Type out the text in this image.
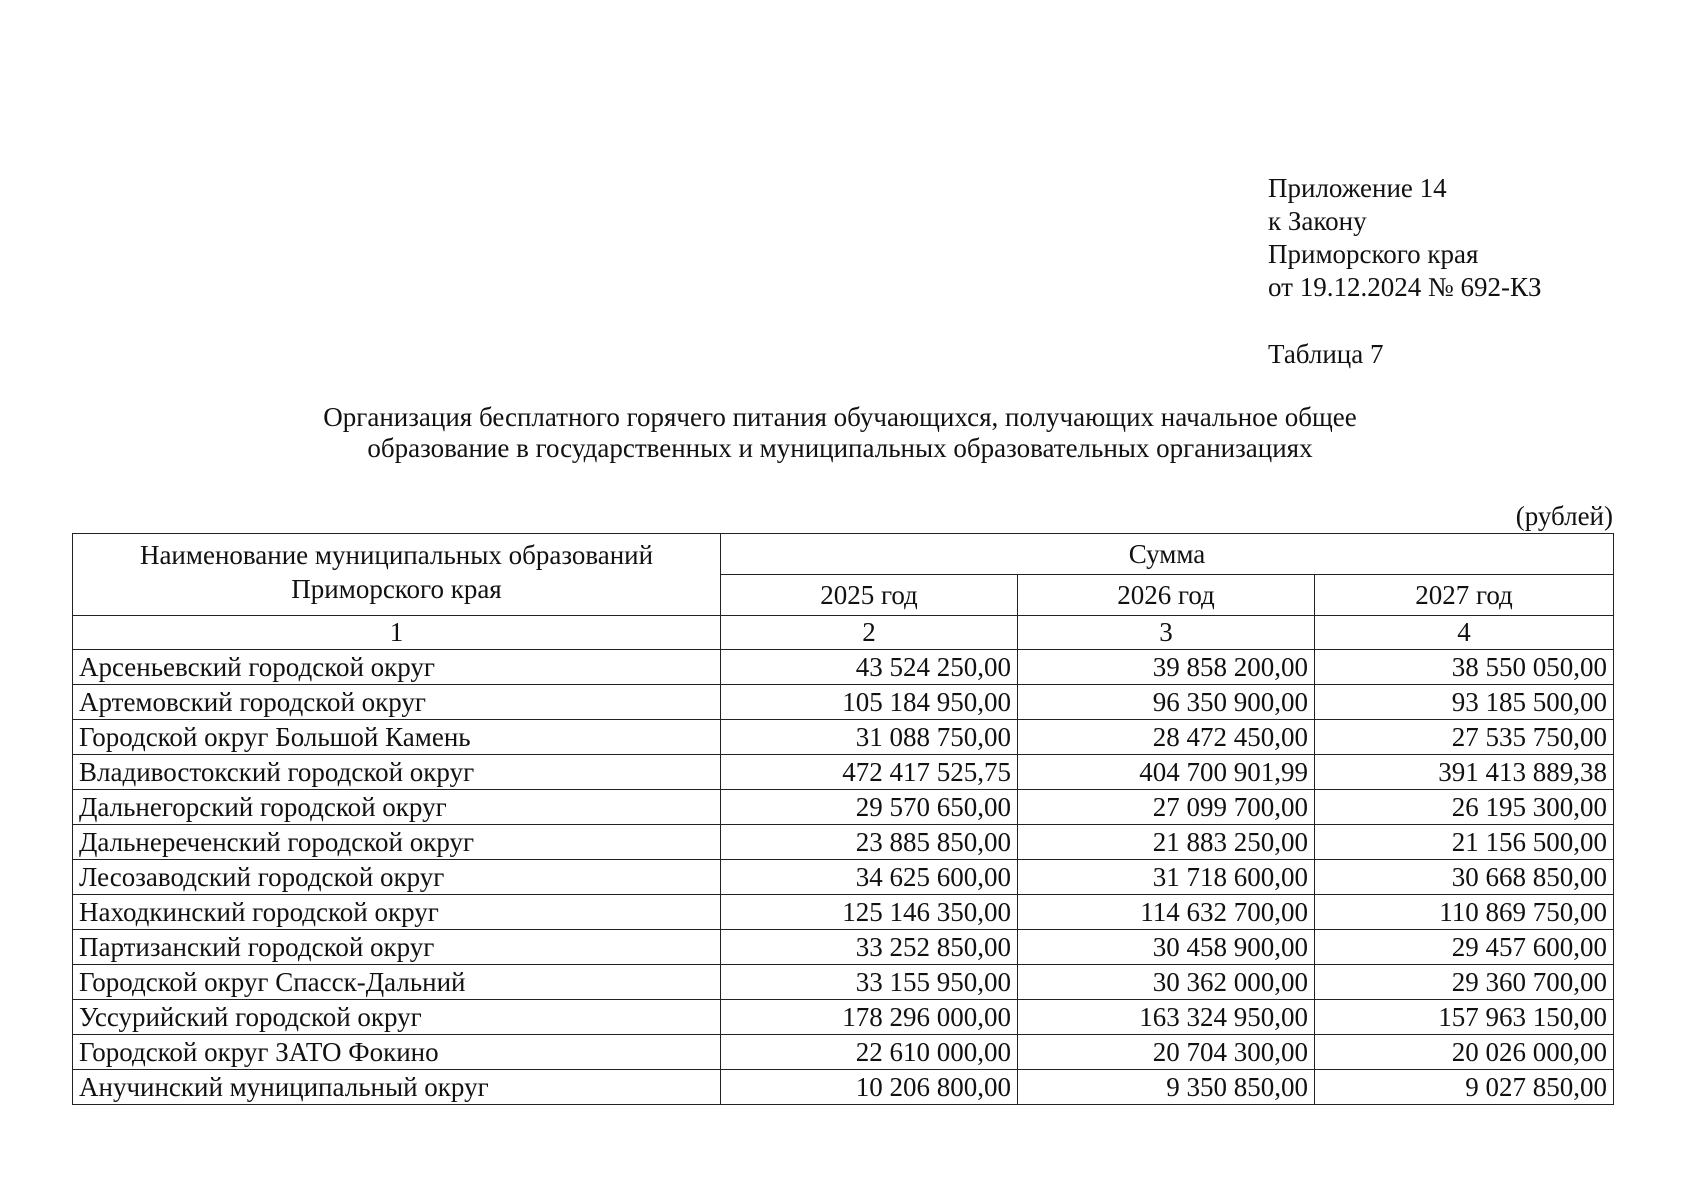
Приложение 14
к Закону
Приморского края
от 19.12.2024 № 692-КЗ
Таблица 7
Организация бесплатного горячего питания обучающихся, получающих начальное общее
образование в государственных и муниципальных образовательных организациях
(рублей)
Наименование муниципальных образований
Приморского края	Сумма		
	2025 год	2026 год	2027 год
1	2	3	4
Арсеньевский городской округ	43 524 250,00	39 858 200,00	38 550 050,00
Артемовский городской округ	105 184 950,00	96 350 900,00	93 185 500,00
Городской округ Большой Камень	31 088 750,00	28 472 450,00	27 535 750,00
Владивостокский городской округ	472 417 525,75	404 700 901,99	391 413 889,38
Дальнегорский городской округ	29 570 650,00	27 099 700,00	26 195 300,00
Дальнереченский городской округ	23 885 850,00	21 883 250,00	21 156 500,00
Лесозаводский городской округ	34 625 600,00	31 718 600,00	30 668 850,00
Находкинский городской округ	125 146 350,00	114 632 700,00	110 869 750,00
Партизанский городской округ	33 252 850,00	30 458 900,00	29 457 600,00
Городской округ Спасск-Дальний	33 155 950,00	30 362 000,00	29 360 700,00
Уссурийский городской округ	178 296 000,00	163 324 950,00	157 963 150,00
Городской округ ЗАТО Фокино	22 610 000,00	20 704 300,00	20 026 000,00
Анучинский муниципальный округ	10 206 800,00	9 350 850,00	9 027 850,00
